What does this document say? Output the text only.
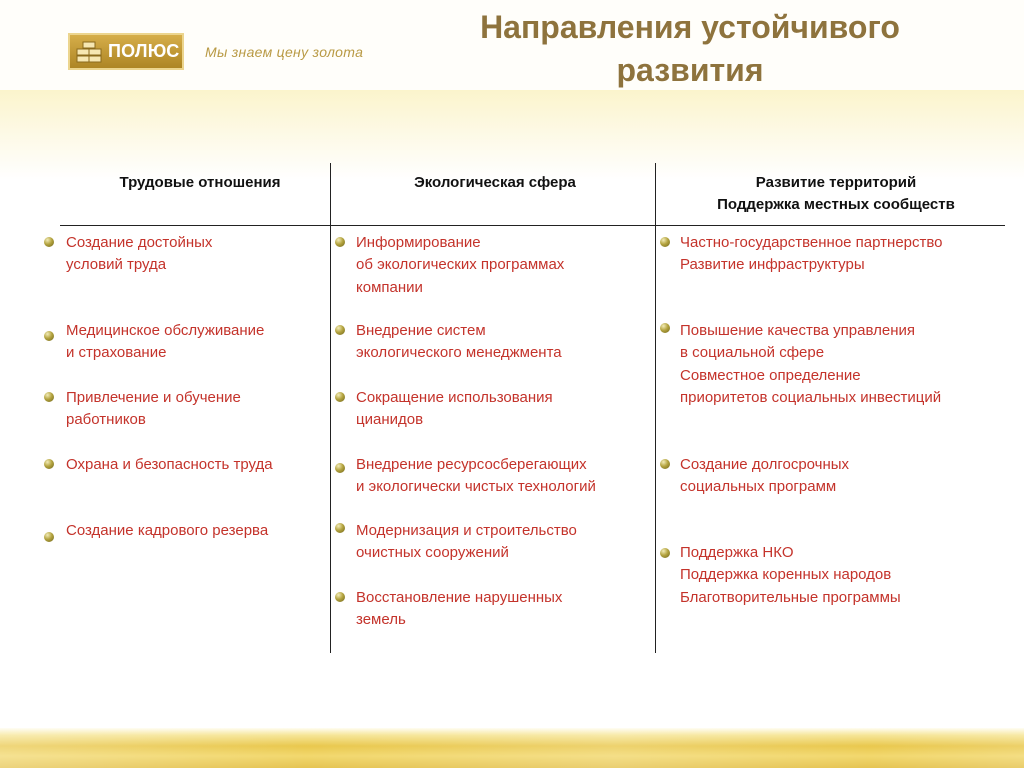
ПОЛЮС Мы знаем цену золота
Направления устойчивого
развития
Трудовые отношения	Экологическая сфера	Развитие территорий
Поддержка местных сообществ
Создание достойных
условий труда
Медицинское обслуживание
и страхование
Привлечение и обучение
работников
Охрана и безопасность труда
Создание кадрового резерва
Информирование
об экологических программах
компании
Внедрение систем
экологического менеджмента
Сокращение использования
цианидов
Внедрение ресурсосберегающих
и экологически чистых технологий
Модернизация и строительство
очистных сооружений
Восстановление нарушенных
земель
Частно-государственное партнерство
Развитие инфраструктуры
Повышение качества управления
в социальной сфере
Совместное определение
приоритетов социальных инвестиций
Создание долгосрочных
социальных программ
Поддержка НКО
Поддержка коренных народов
Благотворительные программы
